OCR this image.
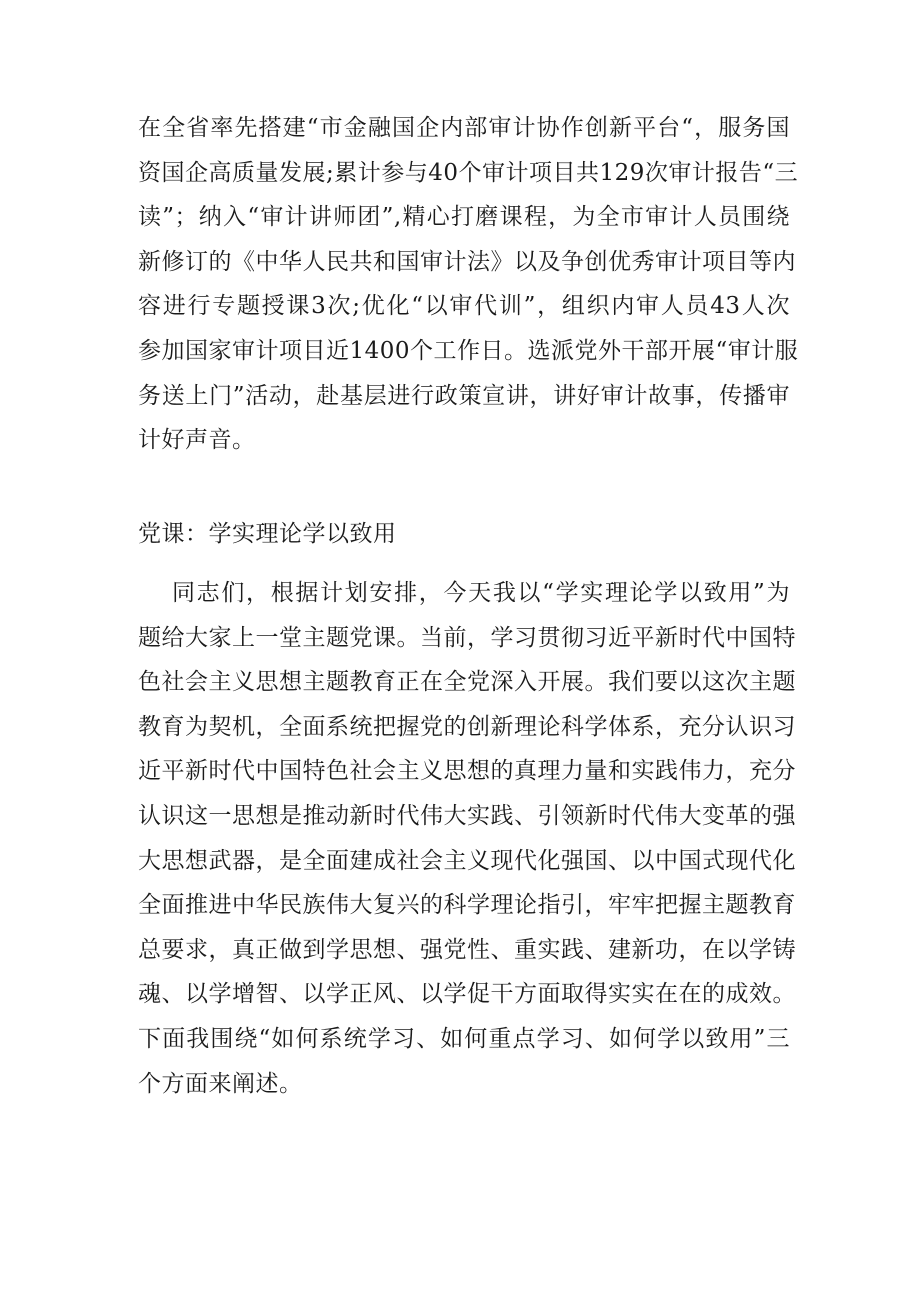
在全省率先搭建“市金融国企内部审计协作创新平台“，服务国
资国企高质量发展;累计参与40个审计项目共129次审计报告“三
读”；纳入“审计讲师团”,精心打磨课程，为全市审计人员围绕
新修订的《中华人民共和国审计法》以及争创优秀审计项目等内
容进行专题授课3次;优化“以审代训”，组织内审人员43人次
参加国家审计项目近1400个工作日。选派党外干部开展“审计服
务送上门”活动，赴基层进行政策宣讲，讲好审计故事，传播审
计好声音。
党课：学实理论学以致用
同志们，根据计划安排，今天我以“学实理论学以致用”为
题给大家上一堂主题党课。当前，学习贯彻习近平新时代中国特
色社会主义思想主题教育正在全党深入开展。我们要以这次主题
教育为契机，全面系统把握党的创新理论科学体系，充分认识习
近平新时代中国特色社会主义思想的真理力量和实践伟力，充分
认识这一思想是推动新时代伟大实践、引领新时代伟大变革的强
大思想武器，是全面建成社会主义现代化强国、以中国式现代化
全面推进中华民族伟大复兴的科学理论指引，牢牢把握主题教育
总要求，真正做到学思想、强党性、重实践、建新功，在以学铸
魂、以学增智、以学正风、以学促干方面取得实实在在的成效。
下面我围绕“如何系统学习、如何重点学习、如何学以致用”三
个方面来阐述。
